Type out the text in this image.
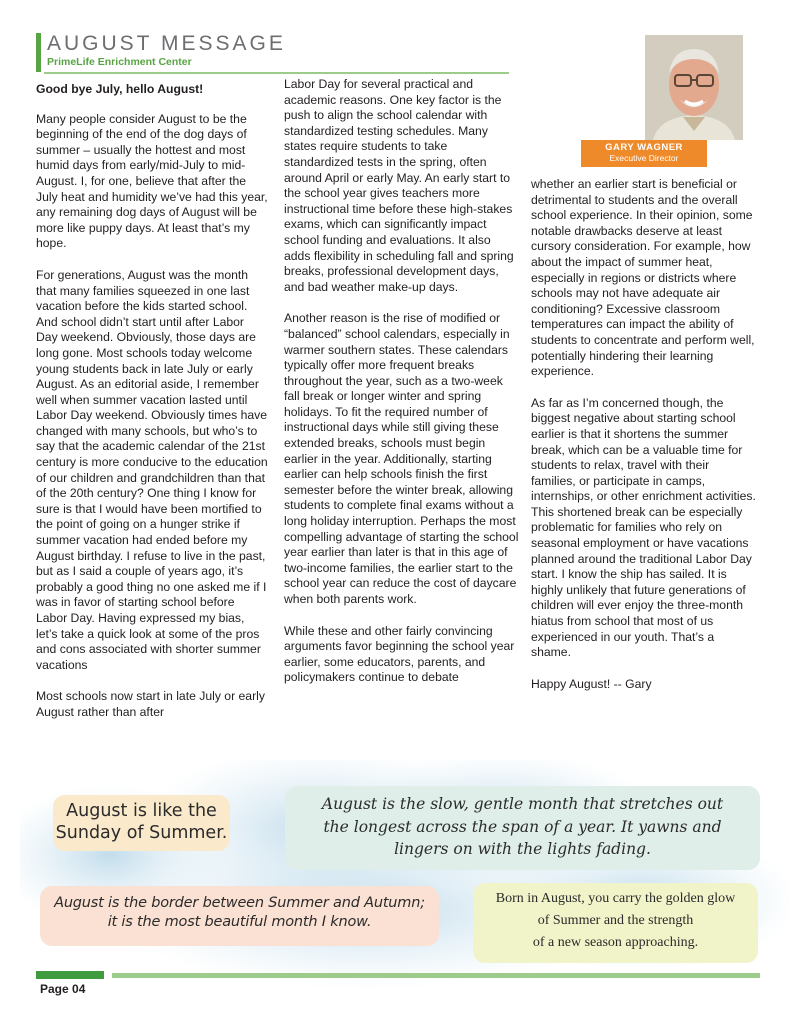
AUGUST MESSAGE
PrimeLife Enrichment Center
GARY WAGNER
Executive Director

Good bye July, hello August!

Many people consider August to be the beginning of the end of the dog days of summer – usually the hottest and most humid days from early/mid-July to mid-August. I, for one, believe that after the July heat and humidity we’ve had this year, any remaining dog days of August will be more like puppy days. At least that’s my hope.

For generations, August was the month that many families squeezed in one last vacation before the kids started school. And school didn’t start until after Labor Day weekend. Obviously, those days are long gone. Most schools today welcome young students back in late July or early August. As an editorial aside, I remember well when summer vacation lasted until Labor Day weekend. Obviously times have changed with many schools, but who’s to say that the academic calendar of the 21st century is more conducive to the education of our children and grandchildren than that of the 20th century? One thing I know for sure is that I would have been mortified to the point of going on a hunger strike if summer vacation had ended before my August birthday. I refuse to live in the past, but as I said a couple of years ago, it’s probably a good thing no one asked me if I was in favor of starting school before Labor Day. Having expressed my bias, let’s take a quick look at some of the pros and cons associated with shorter summer vacations

Most schools now start in late July or early August rather than after

Labor Day for several practical and academic reasons. One key factor is the push to align the school calendar with standardized testing schedules. Many states require students to take standardized tests in the spring, often around April or early May. An early start to the school year gives teachers more instructional time before these high-stakes exams, which can significantly impact school funding and evaluations. It also adds flexibility in scheduling fall and spring breaks, professional development days, and bad weather make-up days.

Another reason is the rise of modified or “balanced” school calendars, especially in warmer southern states. These calendars typically offer more frequent breaks throughout the year, such as a two-week fall break or longer winter and spring holidays. To fit the required number of instructional days while still giving these extended breaks, schools must begin earlier in the year. Additionally, starting earlier can help schools finish the first semester before the winter break, allowing students to complete final exams without a long holiday interruption. Perhaps the most compelling advantage of starting the school year earlier than later is that in this age of two-income families, the earlier start to the school year can reduce the cost of daycare when both parents work.

While these and other fairly convincing arguments favor beginning the school year earlier, some educators, parents, and policymakers continue to debate

whether an earlier start is beneficial or detrimental to students and the overall school experience. In their opinion, some notable drawbacks deserve at least cursory consideration. For example, how about the impact of summer heat, especially in regions or districts where schools may not have adequate air conditioning? Excessive classroom temperatures can impact the ability of students to concentrate and perform well, potentially hindering their learning experience.

As far as I’m concerned though, the biggest negative about starting school earlier is that it shortens the summer break, which can be a valuable time for students to relax, travel with their families, or participate in camps, internships, or other enrichment activities. This shortened break can be especially problematic for families who rely on seasonal employment or have vacations planned around the traditional Labor Day start. I know the ship has sailed. It is highly unlikely that future generations of children will ever enjoy the three-month hiatus from school that most of us experienced in our youth. That’s a shame.

Happy August! -- Gary

August is like the
Sunday of Summer.
August is the slow, gentle month that stretches out
the longest across the span of a year. It yawns and
lingers on with the lights fading.
August is the border between Summer and Autumn;
it is the most beautiful month I know.
Born in August, you carry the golden glow
of Summer and the strength
of a new season approaching.
Page 04
